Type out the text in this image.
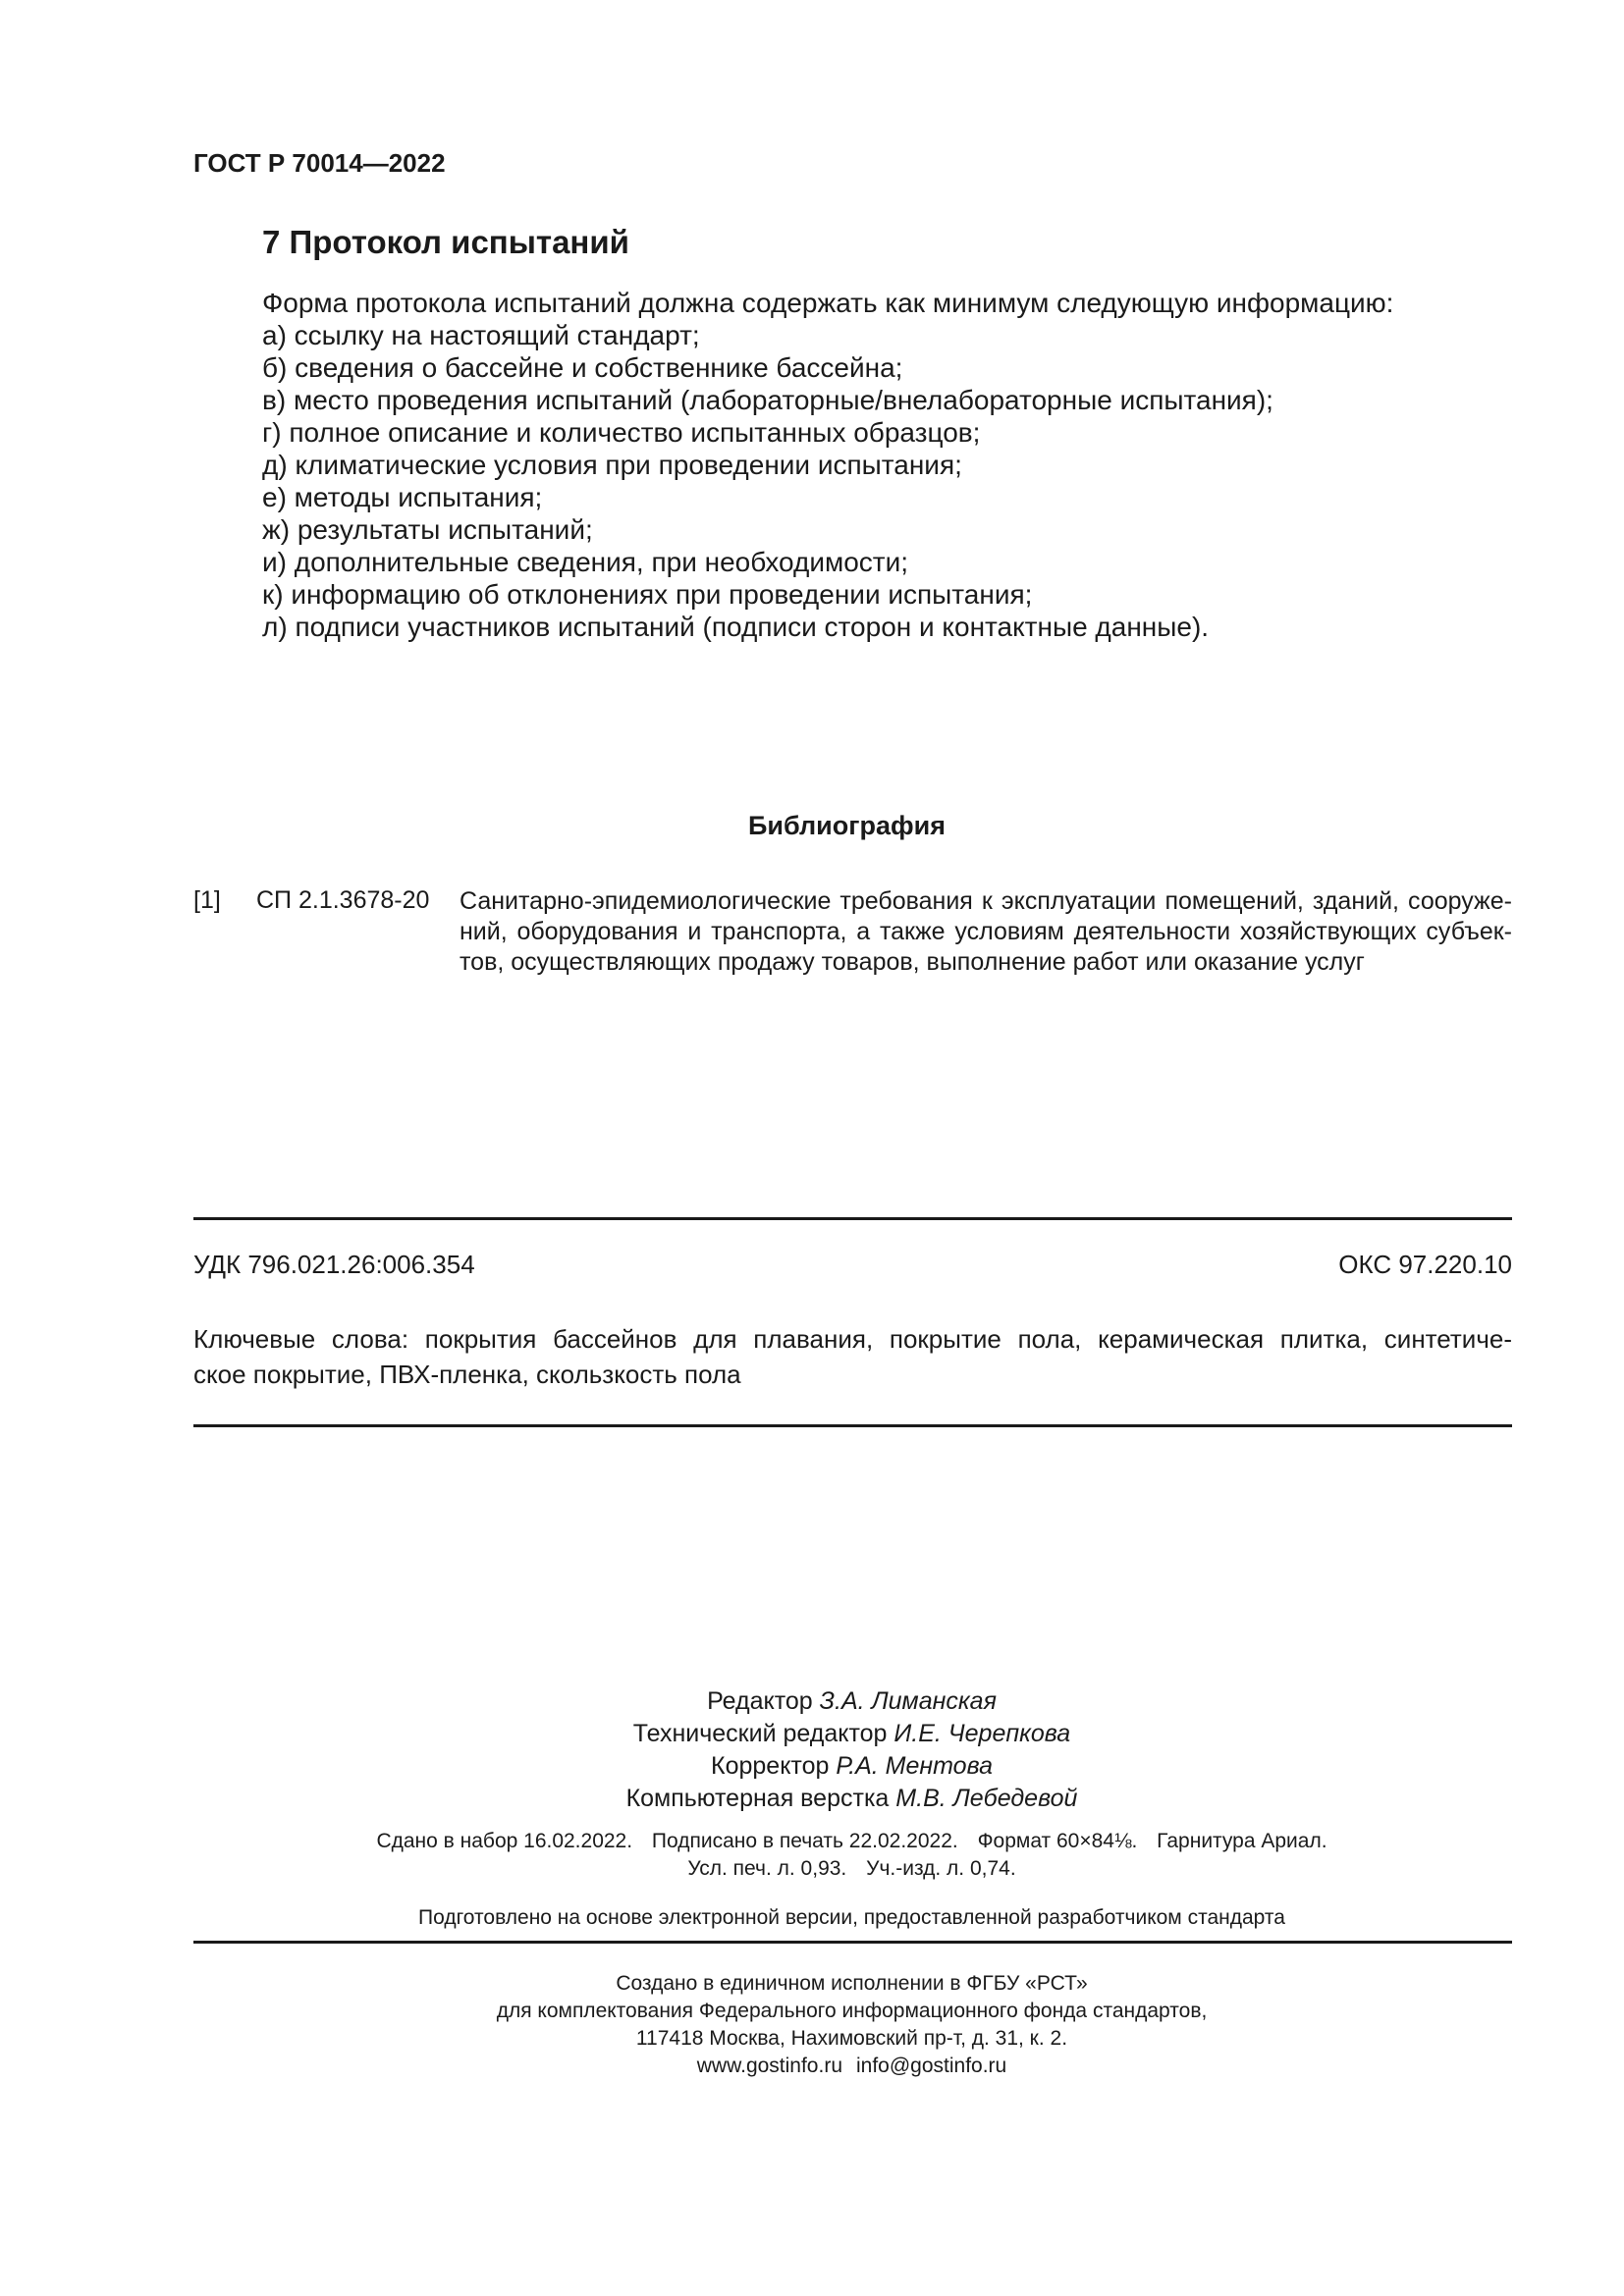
ГОСТ Р 70014—2022
7 Протокол испытаний
Форма протокола испытаний должна содержать как минимум следующую информацию:
а) ссылку на настоящий стандарт;
б) сведения о бассейне и собственнике бассейна;
в) место проведения испытаний (лабораторные/внелабораторные испытания);
г) полное описание и количество испытанных образцов;
д) климатические условия при проведении испытания;
е) методы испытания;
ж) результаты испытаний;
и) дополнительные сведения, при необходимости;
к) информацию об отклонениях при проведении испытания;
л) подписи участников испытаний (подписи сторон и контактные данные).
Библиография
[1] СП 2.1.3678-20 Санитарно-эпидемиологические требования к эксплуатации помещений, зданий, сооруже-

ний, оборудования и транспорта, а также условиям деятельности хозяйствующих субъек-

тов, осуществляющих продажу товаров, выполнение работ или оказание услуг

УДК 796.021.26:006.354	ОКС 97.220.10

Ключевые слова: покрытия бассейнов для плавания, покрытие пола, керамическая плитка, синтетиче-

ское покрытие, ПВХ-пленка, скользкость пола

Редактор З.А. Лиманская
Технический редактор И.Е. Черепкова
Корректор Р.А. Ментова
Компьютерная верстка М.В. Лебедевой
Сдано в набор 16.02.2022. Подписано в печать 22.02.2022. Формат 60×84⅛. Гарнитура Ариал.
Усл. печ. л. 0,93. Уч.-изд. л. 0,74.
Подготовлено на основе электронной версии, предоставленной разработчиком стандарта
Создано в единичном исполнении в ФГБУ «РСТ»
для комплектования Федерального информационного фонда стандартов,
117418 Москва, Нахимовский пр-т, д. 31, к. 2.
www.gostinfo.ru info@gostinfo.ru
